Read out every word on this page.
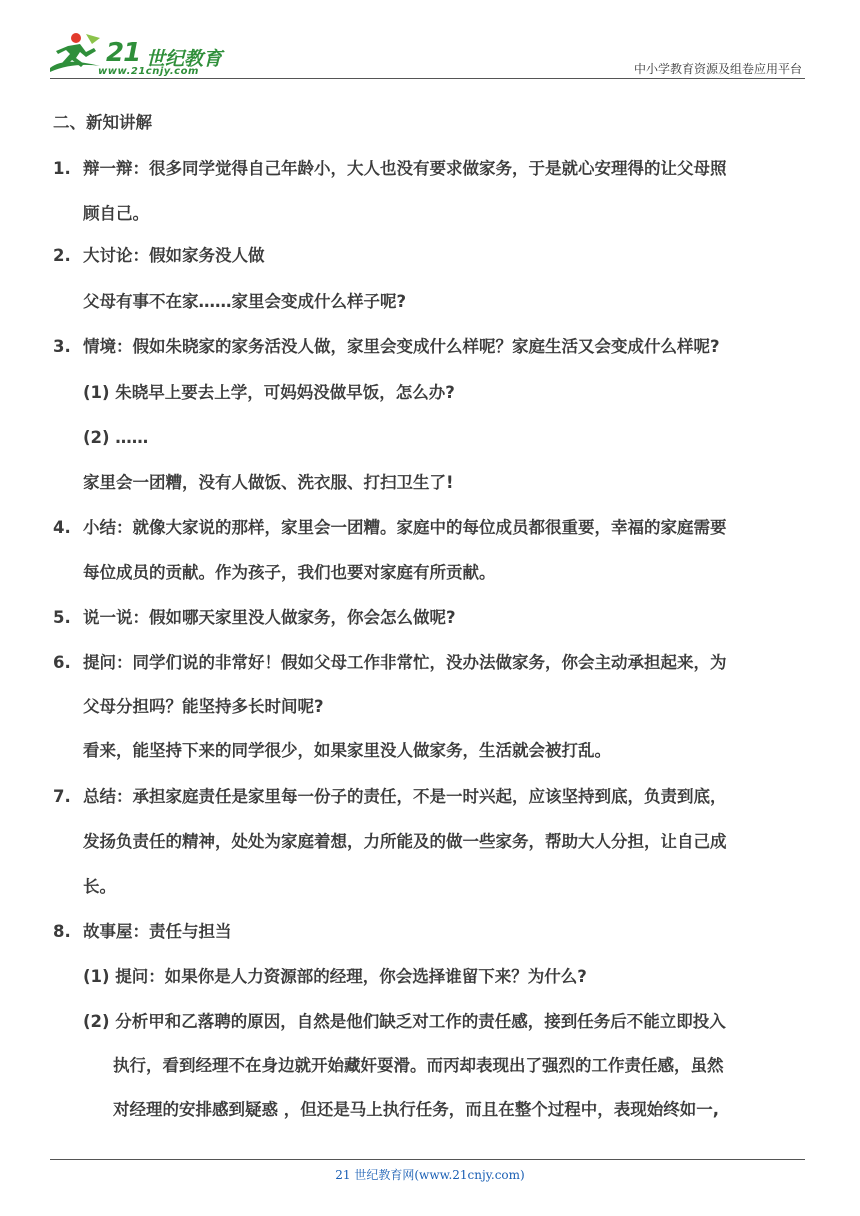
21 世纪教育
www.21cnjy.com	中小学教育资源及组卷应用平台
二、新知讲解
1. 辩一辩：很多同学觉得自己年龄小，大人也没有要求做家务，于是就心安理得的让父母照
顾自己。
2. 大讨论：假如家务没人做
父母有事不在家……家里会变成什么样子呢?
3. 情境：假如朱晓家的家务活没人做，家里会变成什么样呢？家庭生活又会变成什么样呢?
(1) 朱晓早上要去上学，可妈妈没做早饭，怎么办?
(2) ……
家里会一团糟，没有人做饭、洗衣服、打扫卫生了!
4. 小结：就像大家说的那样，家里会一团糟。家庭中的每位成员都很重要，幸福的家庭需要
每位成员的贡献。作为孩子，我们也要对家庭有所贡献。
5. 说一说：假如哪天家里没人做家务，你会怎么做呢?
6. 提问：同学们说的非常好！假如父母工作非常忙，没办法做家务，你会主动承担起来，为
父母分担吗？能坚持多长时间呢?
看来，能坚持下来的同学很少，如果家里没人做家务，生活就会被打乱。
7. 总结：承担家庭责任是家里每一份子的责任，不是一时兴起，应该坚持到底，负责到底，
发扬负责任的精神，处处为家庭着想，力所能及的做一些家务，帮助大人分担，让自己成
长。
8. 故事屋：责任与担当
(1) 提问：如果你是人力资源部的经理，你会选择谁留下来？为什么?
(2) 分析甲和乙落聘的原因，自然是他们缺乏对工作的责任感，接到任务后不能立即投入
执行，看到经理不在身边就开始藏奸耍滑。而丙却表现出了强烈的工作责任感，虽然
对经理的安排感到疑惑 ，但还是马上执行任务，而且在整个过程中，表现始终如一,
21 世纪教育网(www.21cnjy.com)
